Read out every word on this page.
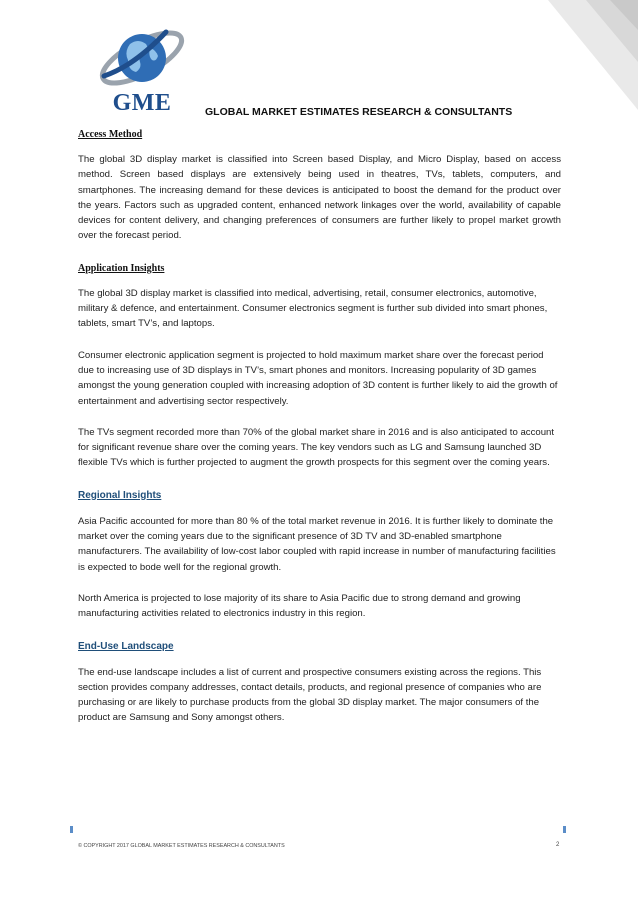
GME	GLOBAL MARKET ESTIMATES RESEARCH & CONSULTANTS
Access Method

The global 3D display market is classified into Screen based Display, and Micro Display, based on access method. Screen based displays are extensively being used in theatres, TVs, tablets, computers, and smartphones. The increasing demand for these devices is anticipated to boost the demand for the product over the years. Factors such as upgraded content, enhanced network linkages over the world, availability of capable devices for content delivery, and changing preferences of consumers are further likely to propel market growth over the forecast period.

Application Insights

The global 3D display market is classified into medical, advertising, retail, consumer electronics, automotive, military & defence, and entertainment. Consumer electronics segment is further sub divided into smart phones, tablets, smart TV’s, and laptops.

Consumer electronic application segment is projected to hold maximum market share over the forecast period due to increasing use of 3D displays in TV’s, smart phones and monitors. Increasing popularity of 3D games amongst the young generation coupled with increasing adoption of 3D content is further likely to aid the growth of entertainment and advertising sector respectively.

The TVs segment recorded more than 70% of the global market share in 2016 and is also anticipated to account for significant revenue share over the coming years. The key vendors such as LG and Samsung launched 3D flexible TVs which is further projected to augment the growth prospects for this segment over the coming years.

Regional Insights

Asia Pacific accounted for more than 80 % of the total market revenue in 2016. It is further likely to dominate the market over the coming years due to the significant presence of 3D TV and 3D-enabled smartphone manufacturers. The availability of low-cost labor coupled with rapid increase in number of manufacturing facilities is expected to bode well for the regional growth.

North America is projected to lose majority of its share to Asia Pacific due to strong demand and growing manufacturing activities related to electronics industry in this region.

End-Use Landscape

The end-use landscape includes a list of current and prospective consumers existing across the regions. This section provides company addresses, contact details, products, and regional presence of companies who are purchasing or are likely to purchase products from the global 3D display market. The major consumers of the product are Samsung and Sony amongst others.

© COPYRIGHT 2017 GLOBAL MARKET ESTIMATES RESEARCH & CONSULTANTS	2
